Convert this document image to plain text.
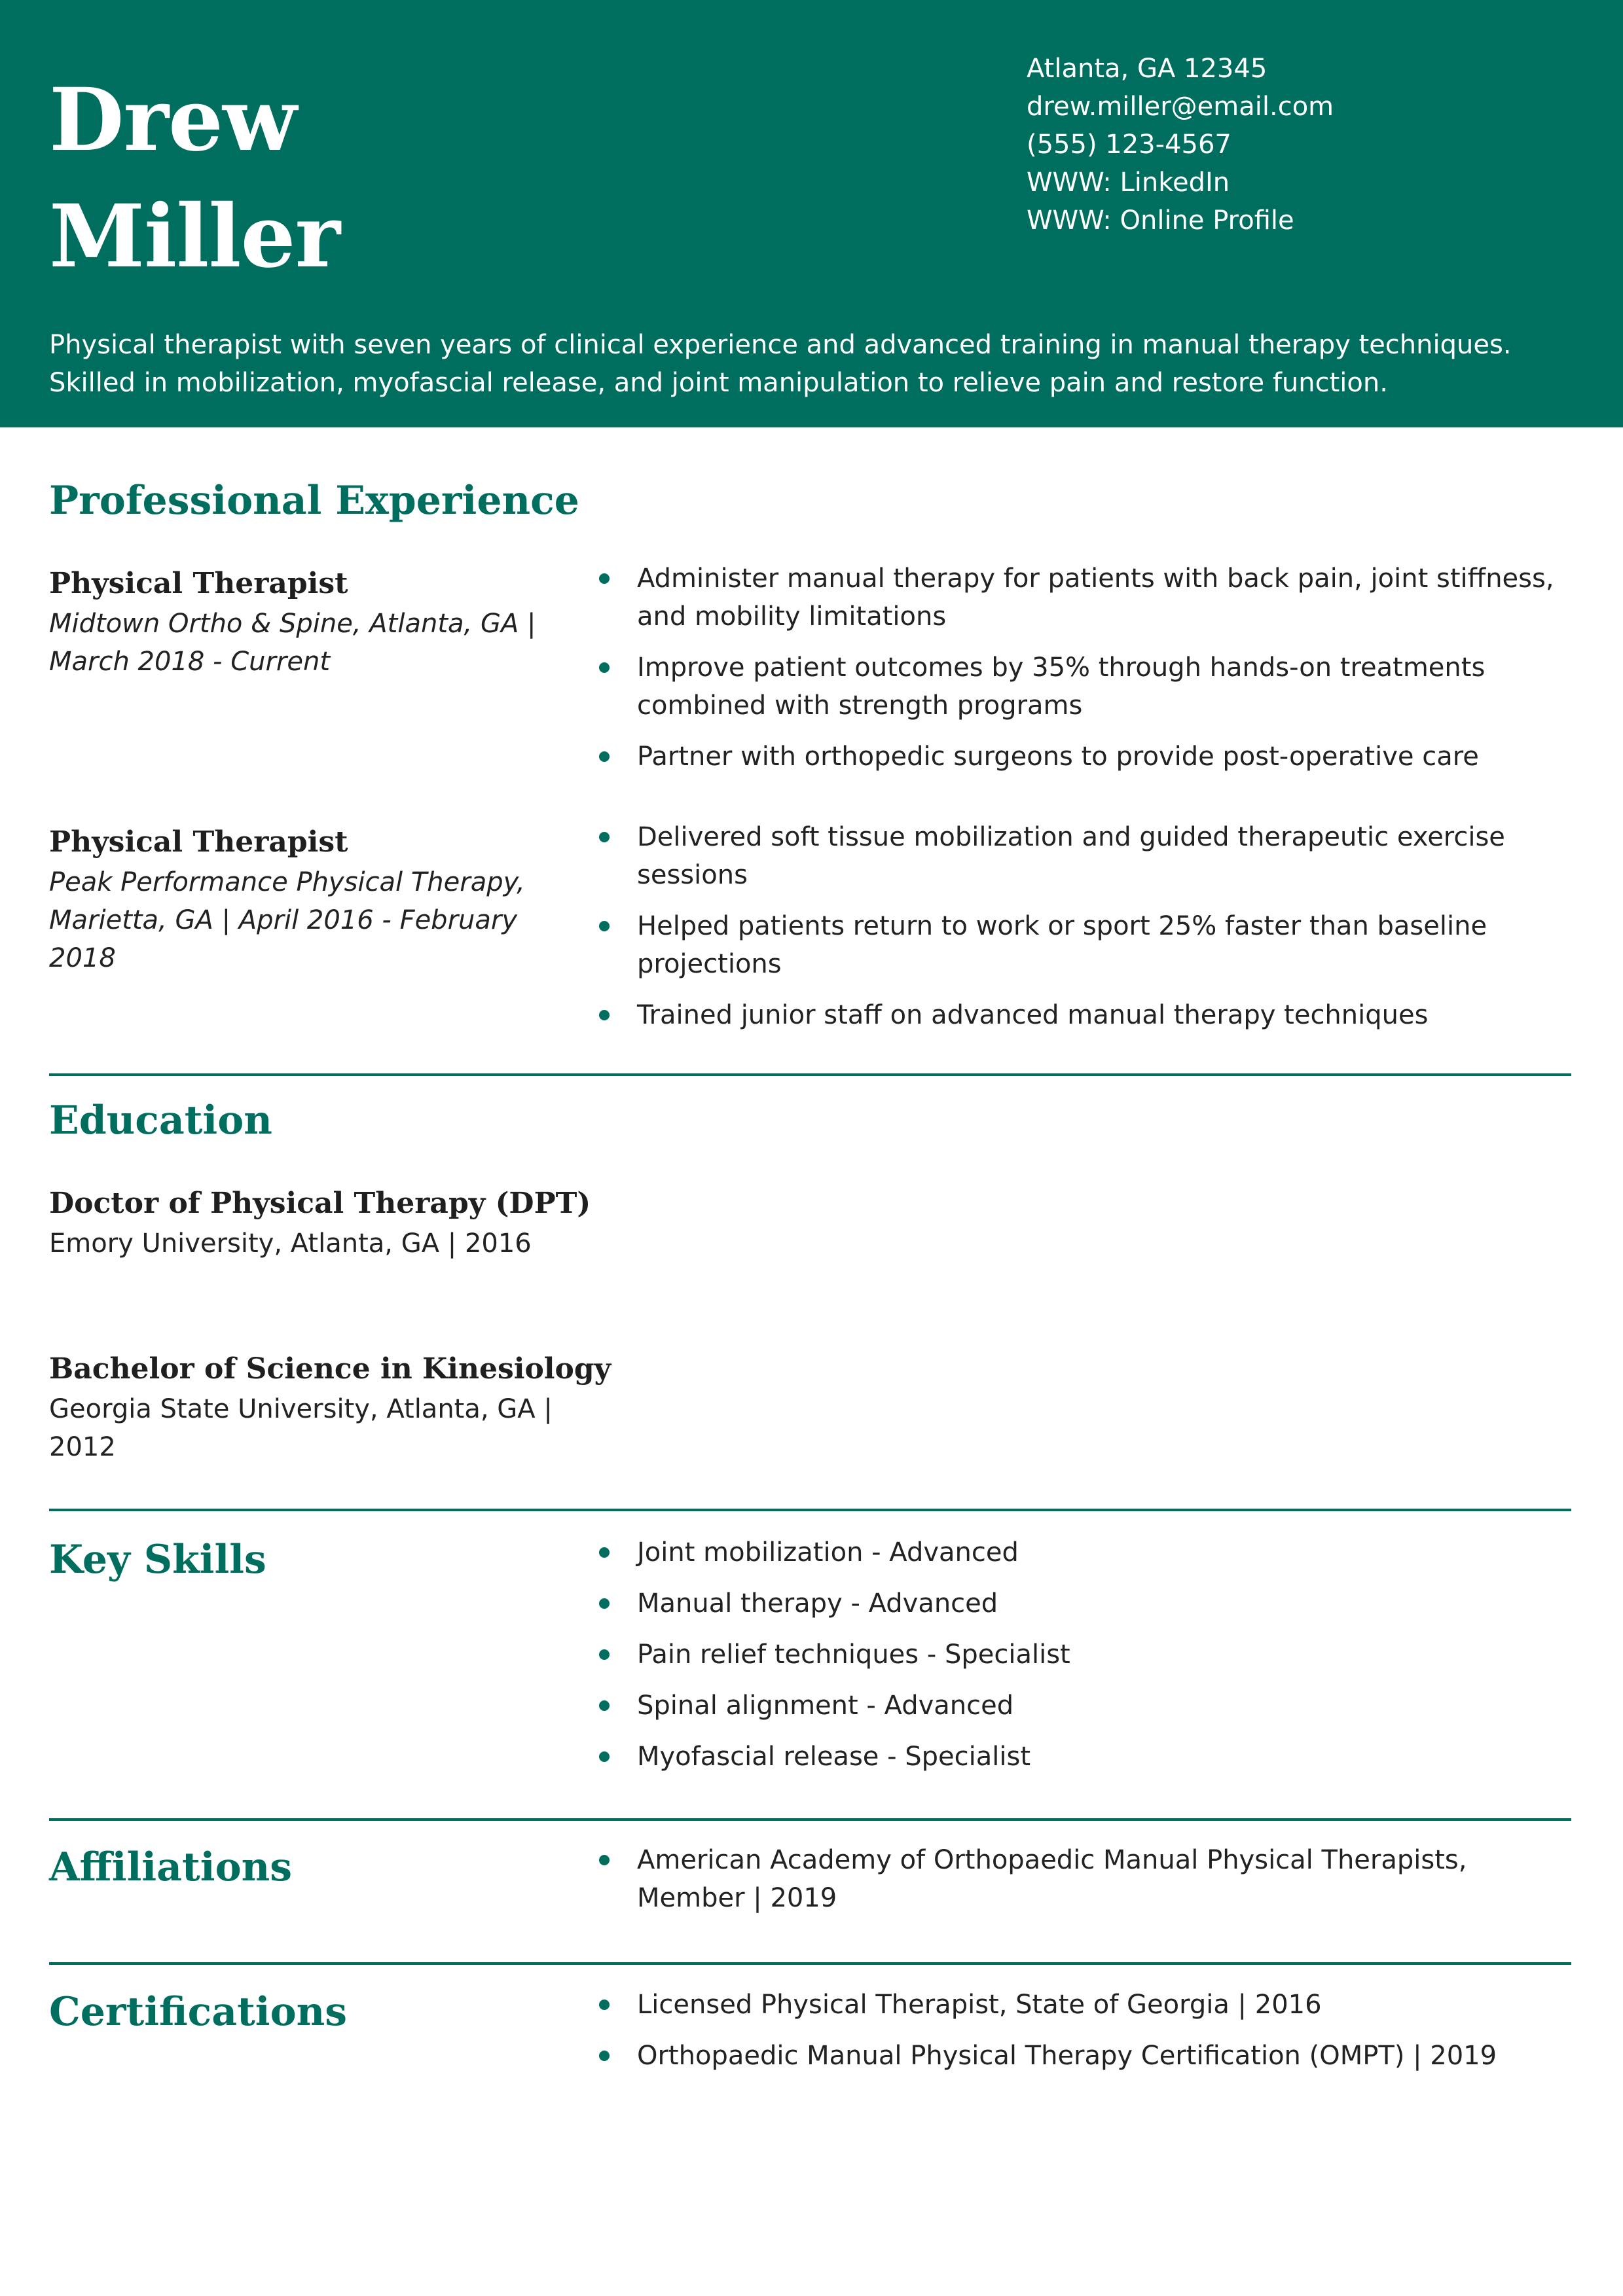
Drew
Miller
Atlanta, GA 12345
drew.miller@email.com
(555) 123-4567
WWW: LinkedIn
WWW: Online Profile
Physical therapist with seven years of clinical experience and advanced training in manual therapy techniques.
Skilled in mobilization, myofascial release, and joint manipulation to relieve pain and restore function.
Professional Experience
Physical Therapist
Midtown Ortho & Spine, Atlanta, GA | March 2018 - Current
Administer manual therapy for patients with back pain, joint stiffness, and mobility limitations
Improve patient outcomes by 35% through hands-on treatments combined with strength programs
Partner with orthopedic surgeons to provide post-operative care
Physical Therapist
Peak Performance Physical Therapy, Marietta, GA | April 2016 - February 2018
Delivered soft tissue mobilization and guided therapeutic exercise sessions
Helped patients return to work or sport 25% faster than baseline projections
Trained junior staff on advanced manual therapy techniques
Education
Doctor of Physical Therapy (DPT)
Emory University, Atlanta, GA | 2016
Bachelor of Science in Kinesiology
Georgia State University, Atlanta, GA | 2012
Key Skills	Joint mobilization - Advanced
Manual therapy - Advanced
Pain relief techniques - Specialist
Spinal alignment - Advanced
Myofascial release - Specialist
Affiliations	American Academy of Orthopaedic Manual Physical Therapists, Member | 2019
Certifications	Licensed Physical Therapist, State of Georgia | 2016
Orthopaedic Manual Physical Therapy Certification (OMPT) | 2019
